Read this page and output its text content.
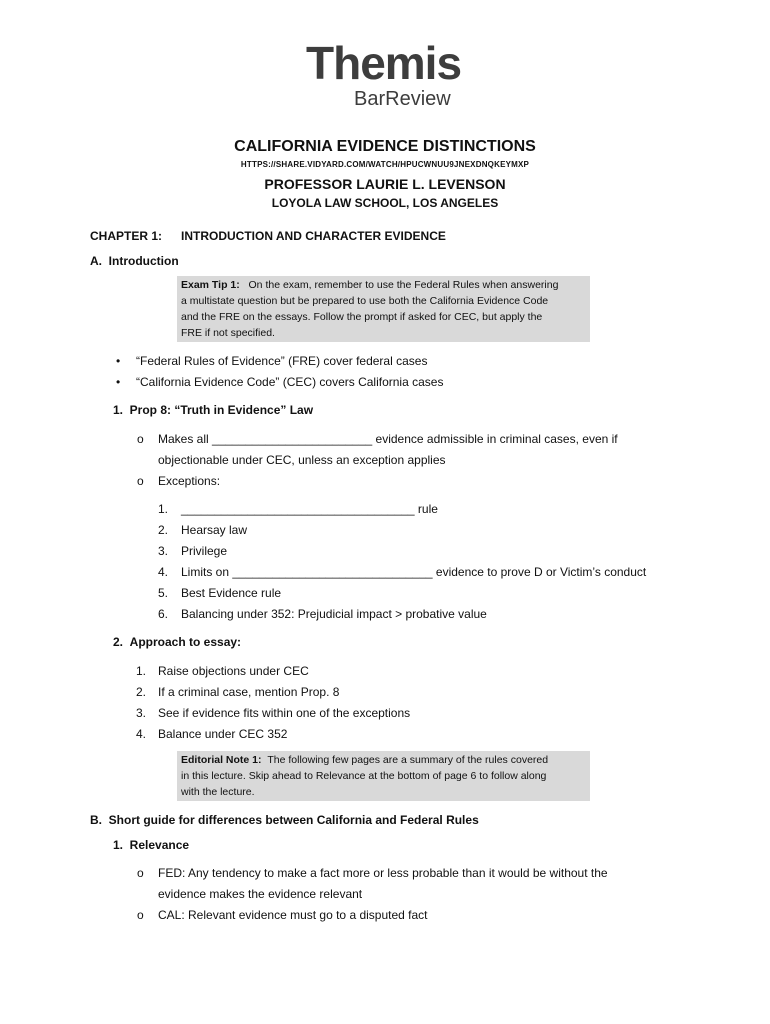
Themis
BarReview
CALIFORNIA EVIDENCE DISTINCTIONS
HTTPS://SHARE.VIDYARD.COM/WATCH/HPUCWNUU9JNEXDNQKEYMXP
PROFESSOR LAURIE L. LEVENSON
LOYOLA LAW SCHOOL, LOS ANGELES
CHAPTER 1: INTRODUCTION AND CHARACTER EVIDENCE
A.  Introduction
Exam Tip 1: On the exam, remember to use the Federal Rules when answering
a multistate question but be prepared to use both the California Evidence Code
and the FRE on the essays. Follow the prompt if asked for CEC, but apply the
FRE if not specified.
• “Federal Rules of Evidence” (FRE) cover federal cases
• “California Evidence Code” (CEC) covers California cases
1.  Prop 8: “Truth in Evidence” Law
o Makes all ________________________ evidence admissible in criminal cases, even if
objectionable under CEC, unless an exception applies
o Exceptions:
1. ___________________________________ rule
2. Hearsay law
3. Privilege
4. Limits on ______________________________ evidence to prove D or Victim’s conduct
5. Best Evidence rule
6. Balancing under 352: Prejudicial impact > probative value
2.  Approach to essay:
1. Raise objections under CEC
2. If a criminal case, mention Prop. 8
3. See if evidence fits within one of the exceptions
4. Balance under CEC 352
Editorial Note 1: The following few pages are a summary of the rules covered
in this lecture. Skip ahead to Relevance at the bottom of page 6 to follow along
with the lecture.
B.  Short guide for differences between California and Federal Rules
1.  Relevance
o FED: Any tendency to make a fact more or less probable than it would be without the
evidence makes the evidence relevant
o CAL: Relevant evidence must go to a disputed fact
